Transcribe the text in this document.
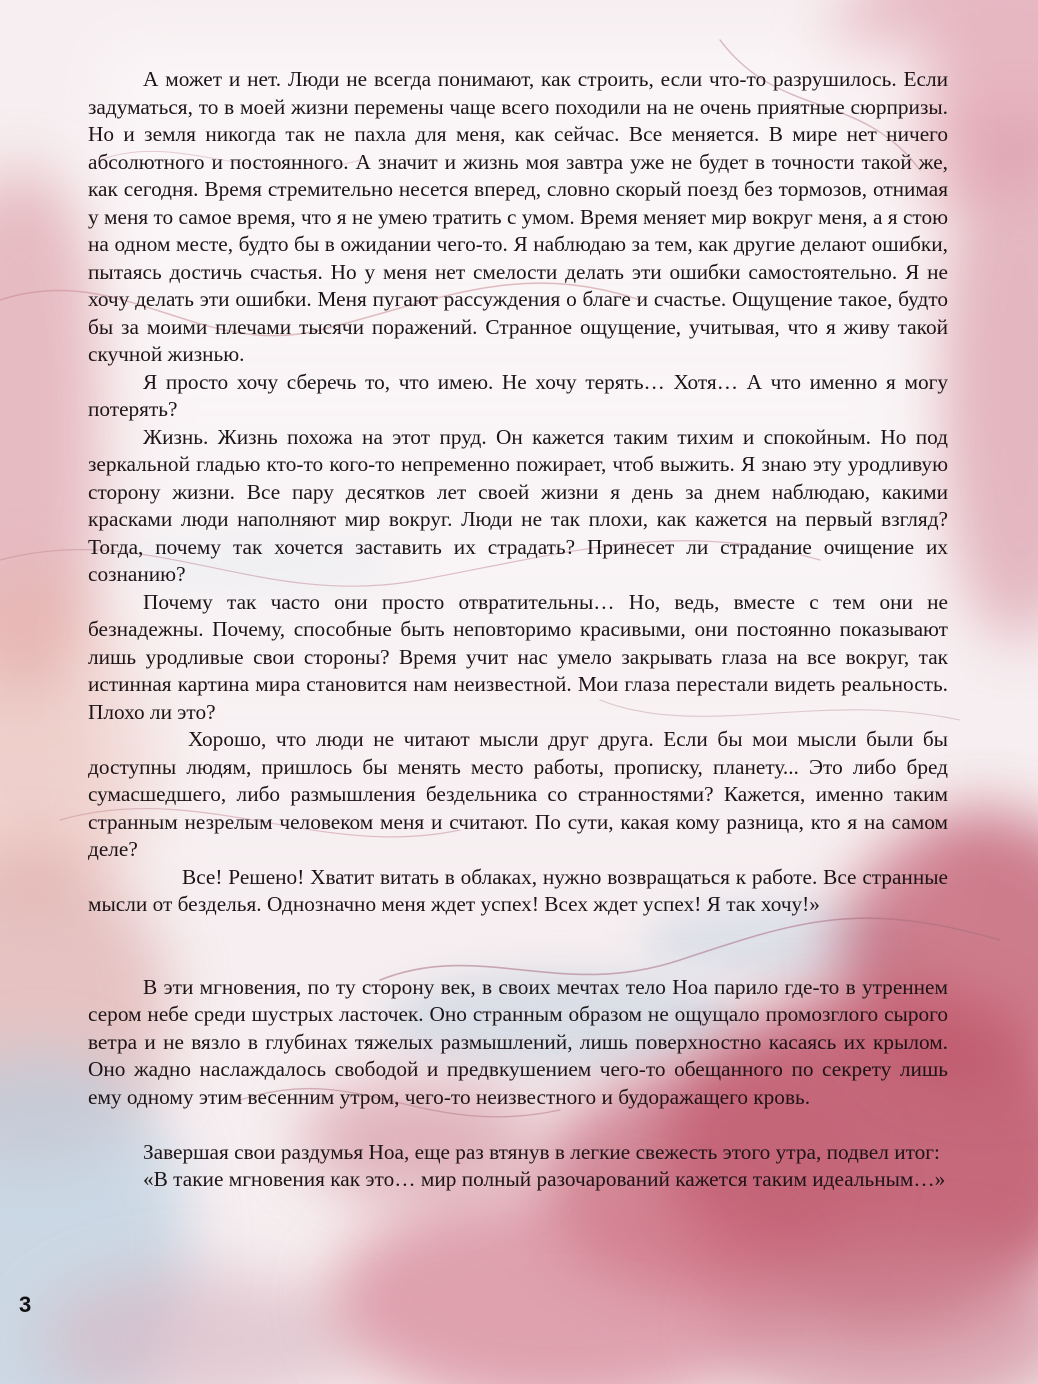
А может и нет. Люди не всегда понимают, как строить, если что-то разрушилось. Если задуматься, то в моей жизни перемены чаще всего походили на не очень приятные сюрпризы. Но и земля никогда так не пахла для меня, как сейчас. Все меняется. В мире нет ничего абсолютного и постоянного. А значит и жизнь моя завтра уже не будет в точности такой же, как сегодня. Время стремительно несется вперед, словно скорый поезд без тормозов, отнимая у меня то самое время, что я не умею тратить с умом. Время меняет мир вокруг меня, а я стою на одном месте, будто бы в ожидании чего-то. Я наблюдаю за тем, как другие делают ошибки, пытаясь достичь счастья. Но у меня нет смелости делать эти ошибки самостоятельно. Я не хочу делать эти ошибки. Меня пугают рассуждения о благе и счастье. Ощущение такое, будто бы за моими плечами тысячи поражений. Странное ощущение, учитывая, что я живу такой скучной жизнью.

Я просто хочу сберечь то, что имею. Не хочу терять… Хотя… А что именно я могу потерять?

Жизнь. Жизнь похожа на этот пруд. Он кажется таким тихим и спокойным. Но под зеркальной гладью кто-то кого-то непременно пожирает, чтоб выжить. Я знаю эту уродливую сторону жизни. Все пару десятков лет своей жизни я день за днем наблюдаю, какими красками люди наполняют мир вокруг. Люди не так плохи, как кажется на первый взгляд? Тогда, почему так хочется заставить их страдать? Принесет ли страдание очищение их сознанию?

Почему так часто они просто отвратительны… Но, ведь, вместе с тем они не безнадежны. Почему, способные быть неповторимо красивыми, они постоянно показывают лишь уродливые свои стороны? Время учит нас умело закрывать глаза на все вокруг, так истинная картина мира становится нам неизвестной. Мои глаза перестали видеть реальность. Плохо ли это?

Хорошо, что люди не читают мысли друг друга. Если бы мои мысли были бы доступны людям, пришлось бы менять место работы, прописку, планету... Это либо бред сумасшедшего, либо размышления бездельника со странностями? Кажется, именно таким странным незрелым человеком меня и считают. По сути, какая кому разница, кто я на самом деле?

Все! Решено! Хватит витать в облаках, нужно возвращаться к работе. Все странные мысли от безделья. Однозначно меня ждет успех! Всех ждет успех! Я так хочу!»

В эти мгновения, по ту сторону век, в своих мечтах тело Ноа парило где-то в утреннем сером небе среди шустрых ласточек. Оно странным образом не ощущало промозглого сырого ветра и не вязло в глубинах тяжелых размышлений, лишь поверхностно касаясь их крылом. Оно жадно наслаждалось свободой и предвкушением чего-то обещанного по секрету лишь ему одному этим весенним утром, чего-то неизвестного и будоражащего кровь.

Завершая свои раздумья Ноа, еще раз втянув в легкие свежесть этого утра, подвел итог:

«В такие мгновения как это… мир полный разочарований кажется таким идеальным…»

3
